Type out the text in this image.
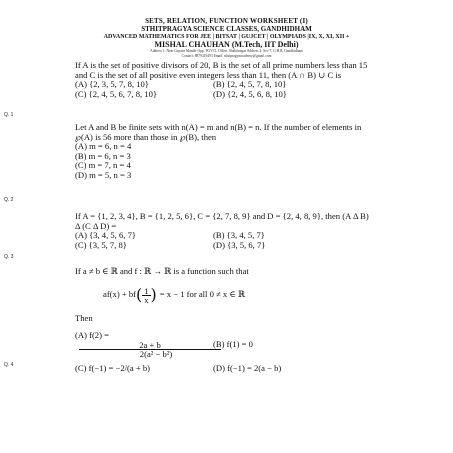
SETS, RELATION, FUNCTION WORKSHEET (I)
STHITPRAGYA SCIENCE CLASSES, GANDHIDHAM
ADVANCED MATHEMATICS FOR JEE | BITSAT | GUJCET | OLYMPIADS |IX, X, XI, XII +
MISHAL CHAUHAN (M.Tech, IIT Delhi)
Address 1: Near Gayatri Mandir Opp. PGVCL Office, Shaktinagar Address 2: Sec-7, G.H.B, Gandhidham
Contact: 8879419493 Email: sthitpragyaacademy@gmail.com

If A is the set of positive divisors of 20, B is the set of all prime numbers less than 15 and C is the set of all positive even integers less than 11, then (A ∩ B) ∪ C is

(A) {2, 3, 5, 7, 8, 10}	(B) {2, 4, 5, 7, 8, 10}
(C) {2, 4, 5, 6, 7, 8, 10}	(D) {2, 4, 5, 6, 8, 10}
Q. 1

Let A and B be finite sets with n(A) = m and n(B) = n. If the number of elements in ℘(A) is 56 more than those in ℘(B), then

(A) m = 6, n = 4

(B) m = 6, n = 3

(C) m = 7, n = 4

(D) m = 5, n = 3

Q. 2

If A = {1, 2, 3, 4}, B = {1, 2, 5, 6}, C = {2, 7, 8, 9} and D = {2, 4, 8, 9}, then (A Δ B) Δ (C Δ D) =

(A) {3, 4, 5, 6, 7}	(B) {3, 4, 5, 7}
(C) {3, 5, 7, 8}	(D) {3, 5, 6, 7}
Q. 3

If a ≠ b ∈ ℝ and f : ℝ → ℝ is a function such that

af(x) + bf ( $\frac{1}{x}$ ) = x − 1 for all 0 ≠ x ∈ ℝ

Then

(A) f(2) =
$\frac{2a + b}{\text{2(a² − b²)}}$
(B) f(1) = 0
(C) f(−1) = −2/(a + b)	(D) f(−1) = 2(a − b)
Q. 4
